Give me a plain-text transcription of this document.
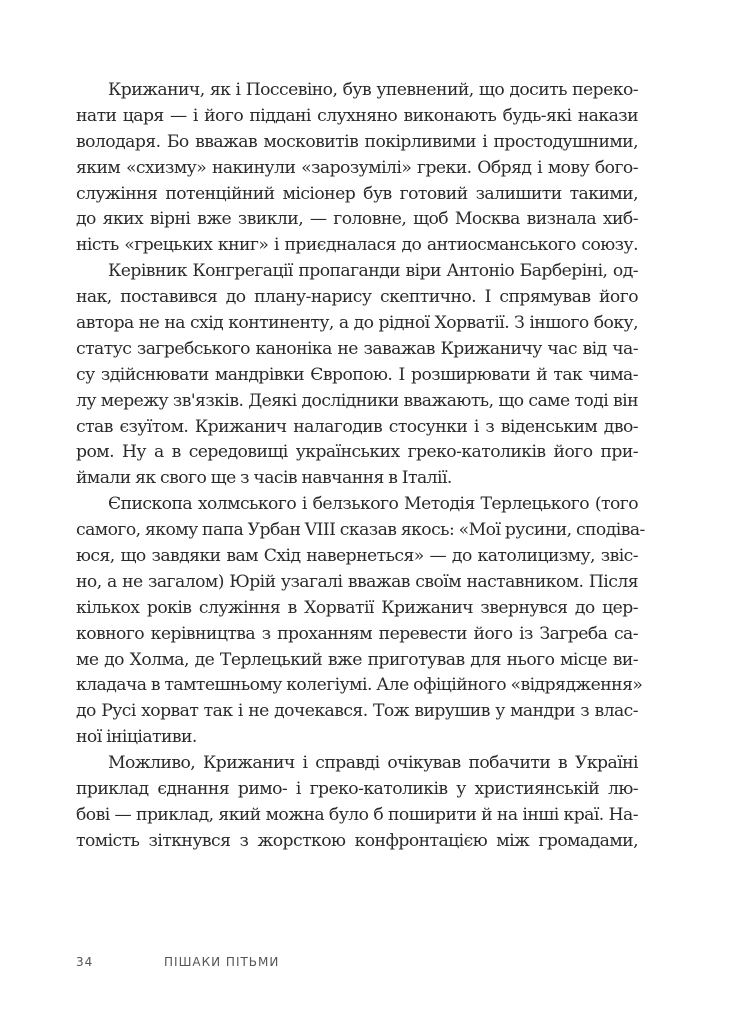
Крижанич, як і Поссевіно, був упевнений, що досить переко-
нати царя — і його піддані слухняно виконають будь-які накази
володаря. Бо вважав московитів покірливими і простодушними,
яким «схизму» накинули «зарозумілі» греки. Обряд і мову бого-
служіння потенційний місіонер був готовий залишити такими,
до яких вірні вже звикли, — головне, щоб Москва визнала хиб-
ність «грецьких книг» і приєдналася до антиосманського союзу.
Керівник Конгрегації пропаганди віри Антоніо Барберіні, од-
нак, поставився до плану-нарису скептично. І спрямував його
автора не на схід континенту, а до рідної Хорватії. З іншого боку,
статус загребського каноніка не заважав Крижаничу час від ча-
су здійснювати мандрівки Європою. І розширювати й так чима-
лу мережу зв'язків. Деякі дослідники вважають, що саме тоді він
став єзуїтом. Крижанич налагодив стосунки і з віденським дво-
ром. Ну а в середовищі українських греко-католиків його при-
ймали як свого ще з часів навчання в Італії.
Єпископа холмського і белзького Методія Терлецького (того
самого, якому папа Урбан VIII сказав якось: «Мої русини, сподіва-
юся, що завдяки вам Схід навернеться» — до католицизму, звіс-
но, а не загалом) Юрій узагалі вважав своїм наставником. Після
кількох років служіння в Хорватії Крижанич звернувся до цер-
ковного керівництва з проханням перевести його із Загреба са-
ме до Холма, де Терлецький вже приготував для нього місце ви-
кладача в тамтешньому колегіумі. Але офіційного «відрядження»
до Русі хорват так і не дочекався. Тож вирушив у мандри з влас-
ної ініціативи.
Можливо, Крижанич і справді очікував побачити в Україні
приклад єднання римо- і греко-католиків у християнській лю-
бові — приклад, який можна було б поширити й на інші краї. На-
томість зіткнувся з жорсткою конфронтацією між громадами,
34	ПІШАКИ ПІТЬМИ
